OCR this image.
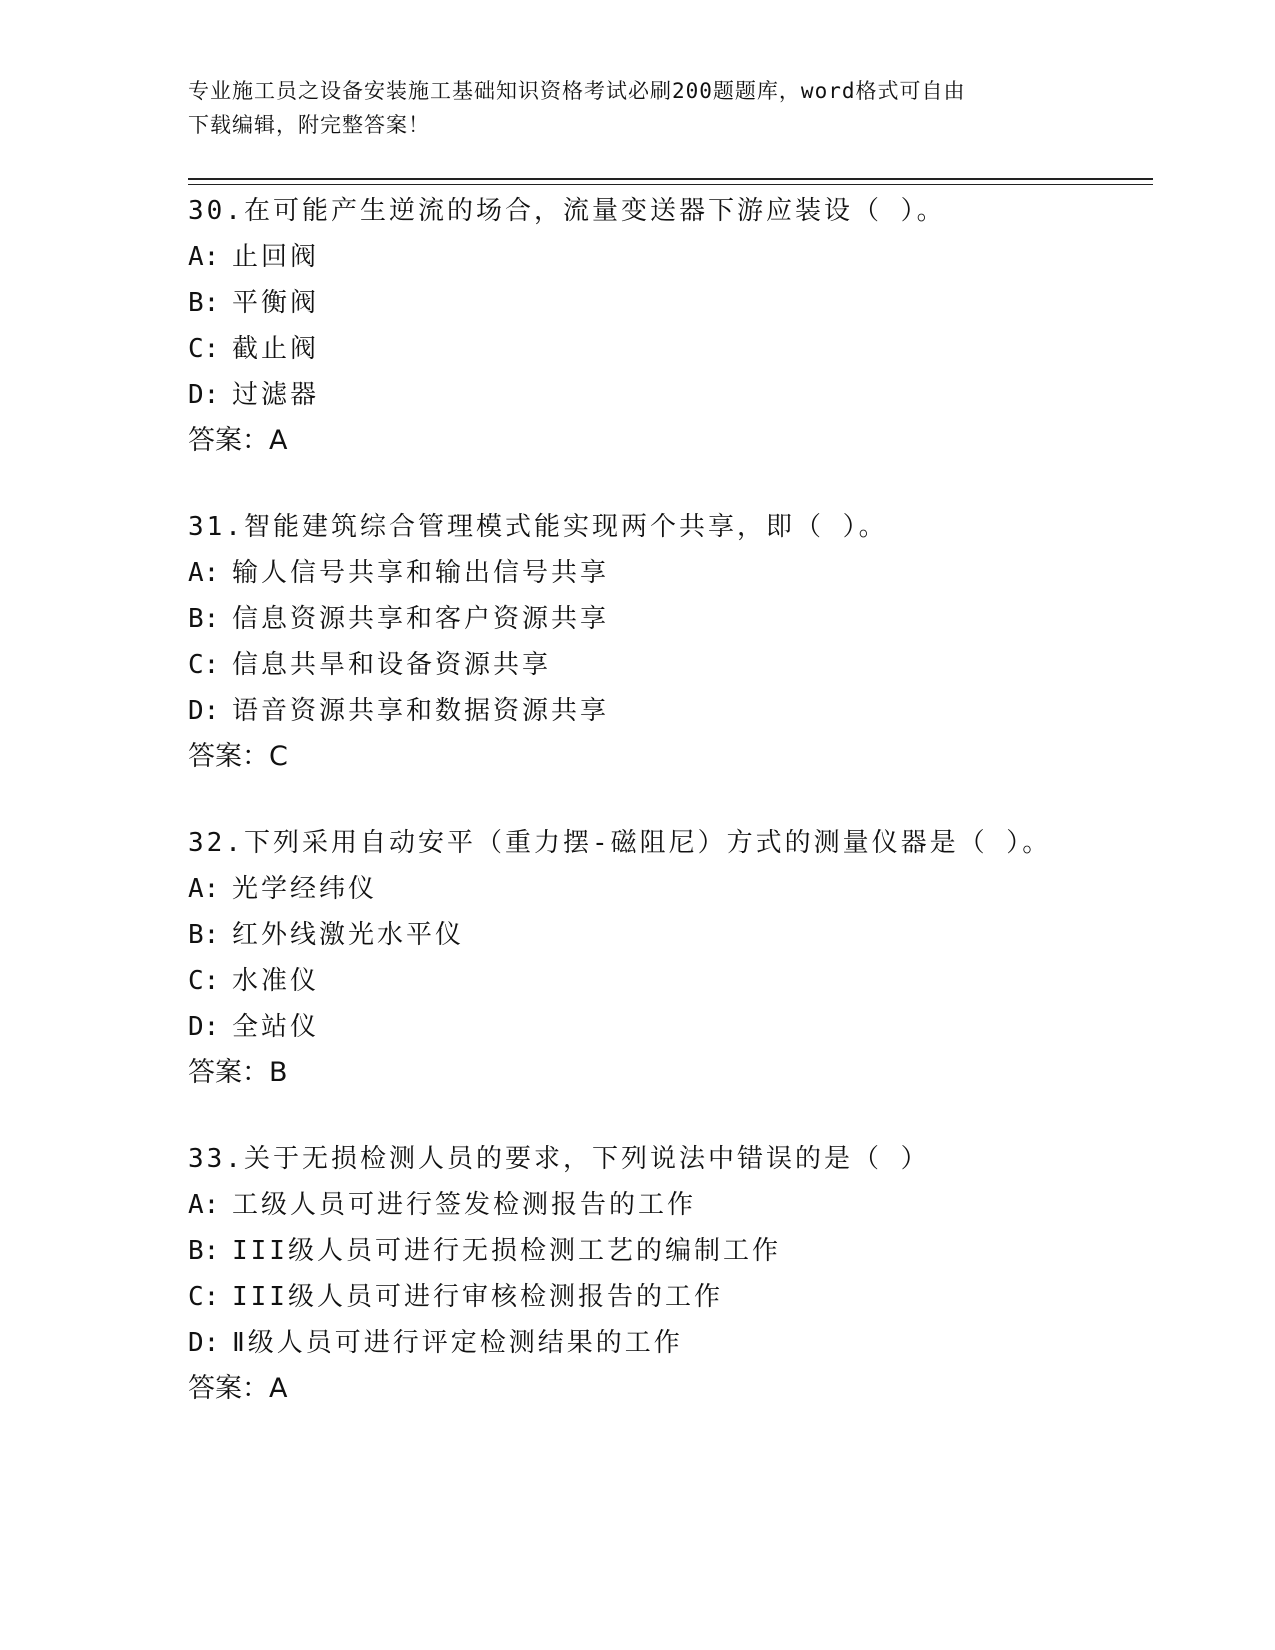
专业施工员之设备安装施工基础知识资格考试必刷200题题库，word格式可自由
下载编辑，附完整答案！
30.在可能产生逆流的场合，流量变送器下游应装设（ ）。
A: 止回阀
B: 平衡阀
C: 截止阀
D: 过滤器
答案：A
31.智能建筑综合管理模式能实现两个共享，即（ ）。
A: 输人信号共享和输出信号共享
B: 信息资源共享和客户资源共享
C: 信息共旱和设备资源共享
D: 语音资源共享和数据资源共享
答案：C
32.下列采用自动安平（重力摆-磁阻尼）方式的测量仪器是（ ）。
A: 光学经纬仪
B: 红外线激光水平仪
C: 水准仪
D: 全站仪
答案：B
33.关于无损检测人员的要求，下列说法中错误的是（ ）
A: 工级人员可进行签发检测报告的工作
B: III级人员可进行无损检测工艺的编制工作
C: III级人员可进行审核检测报告的工作
D: Ⅱ级人员可进行评定检测结果的工作
答案：A
